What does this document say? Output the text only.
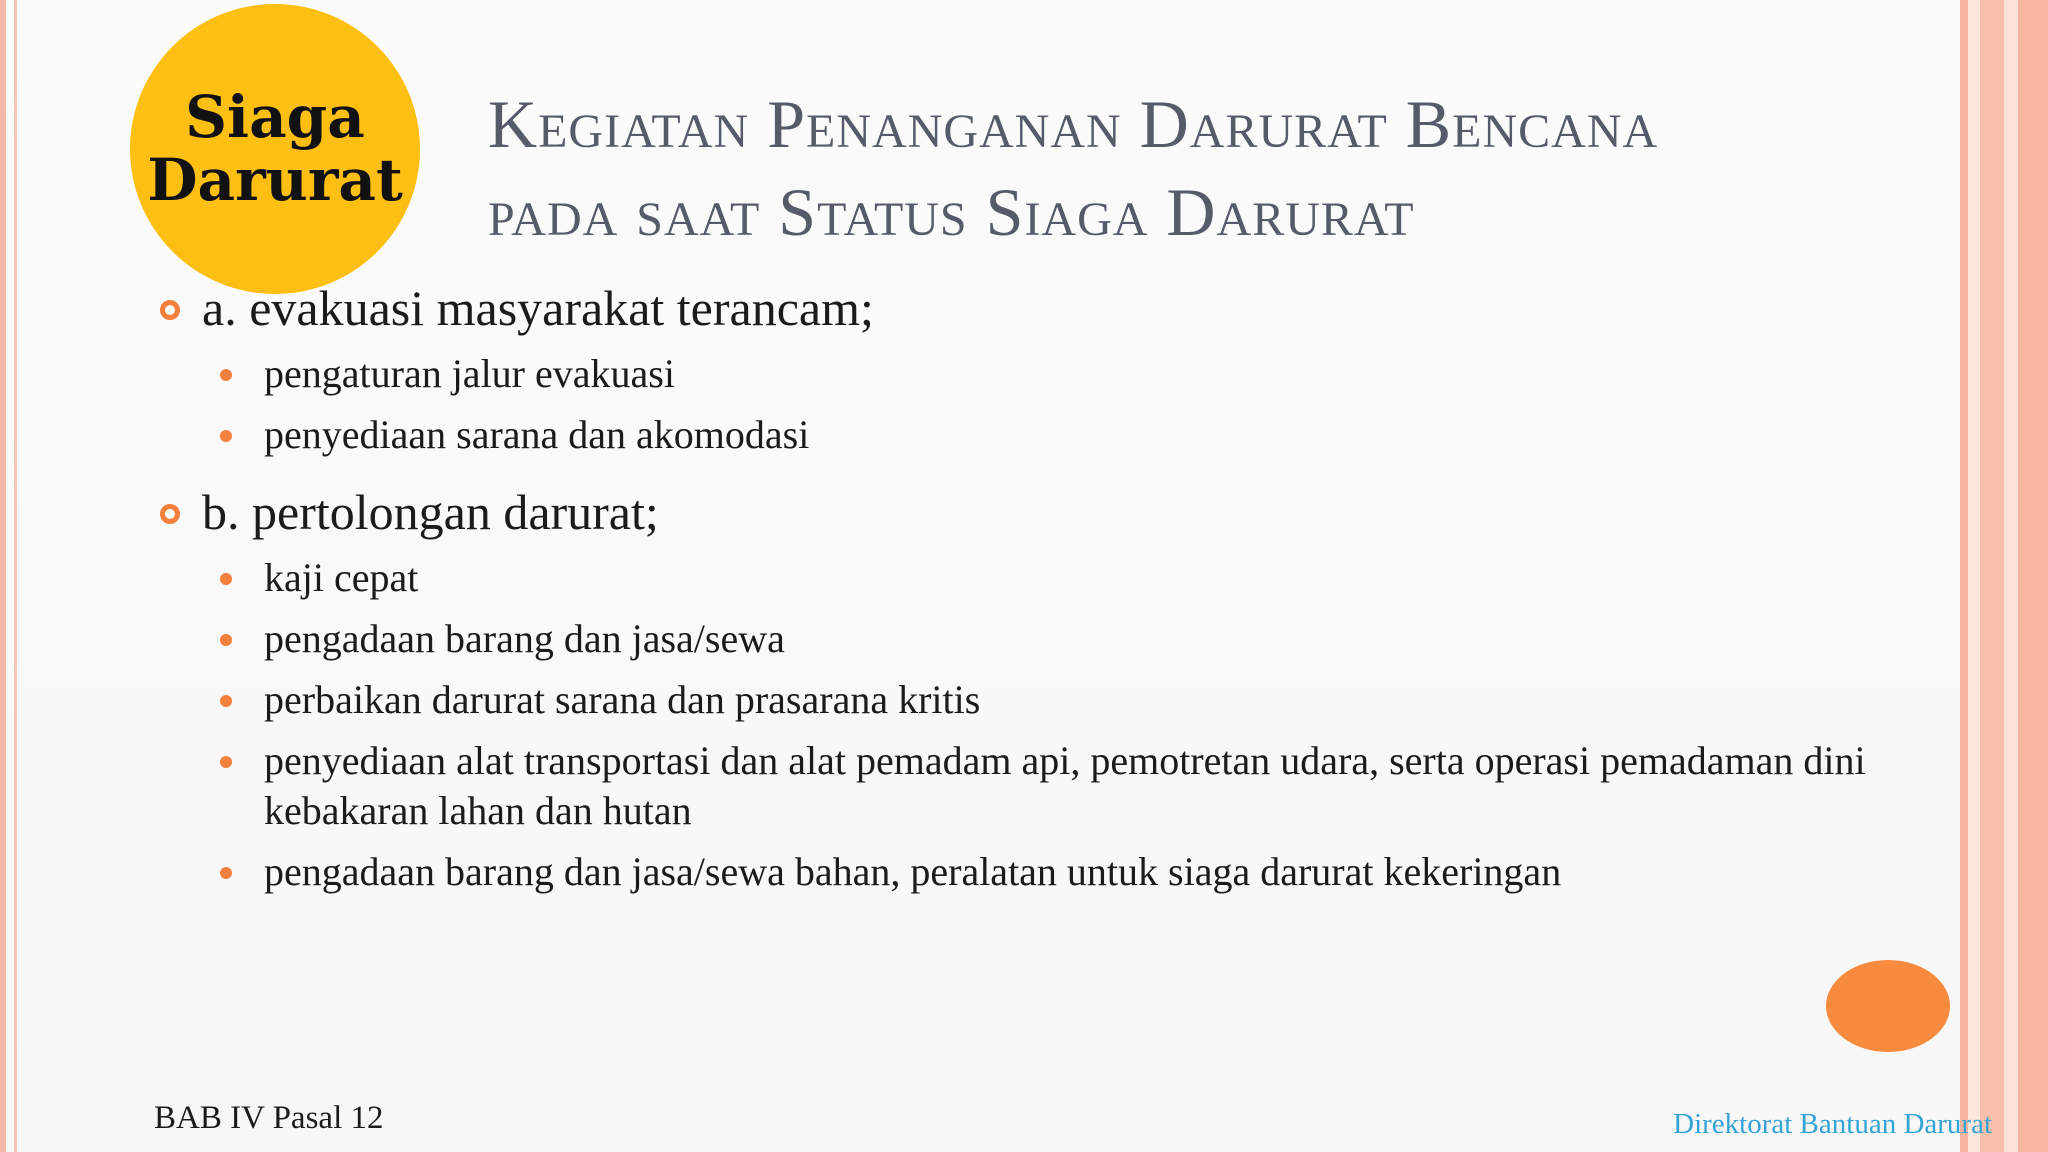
Siaga
Darurat
Kegiatan Penanganan Darurat Bencana
pada saat Status Siaga Darurat
a. evakuasi masyarakat terancam;
pengaturan jalur evakuasi
penyediaan sarana dan akomodasi
b. pertolongan darurat;
kaji cepat
pengadaan barang dan jasa/sewa
perbaikan darurat sarana dan prasarana kritis
penyediaan alat transportasi dan alat pemadam api, pemotretan udara, serta operasi pemadaman dini kebakaran lahan dan hutan
pengadaan barang dan jasa/sewa bahan, peralatan untuk siaga darurat kekeringan
BAB IV Pasal 12	Direktorat Bantuan Darurat
